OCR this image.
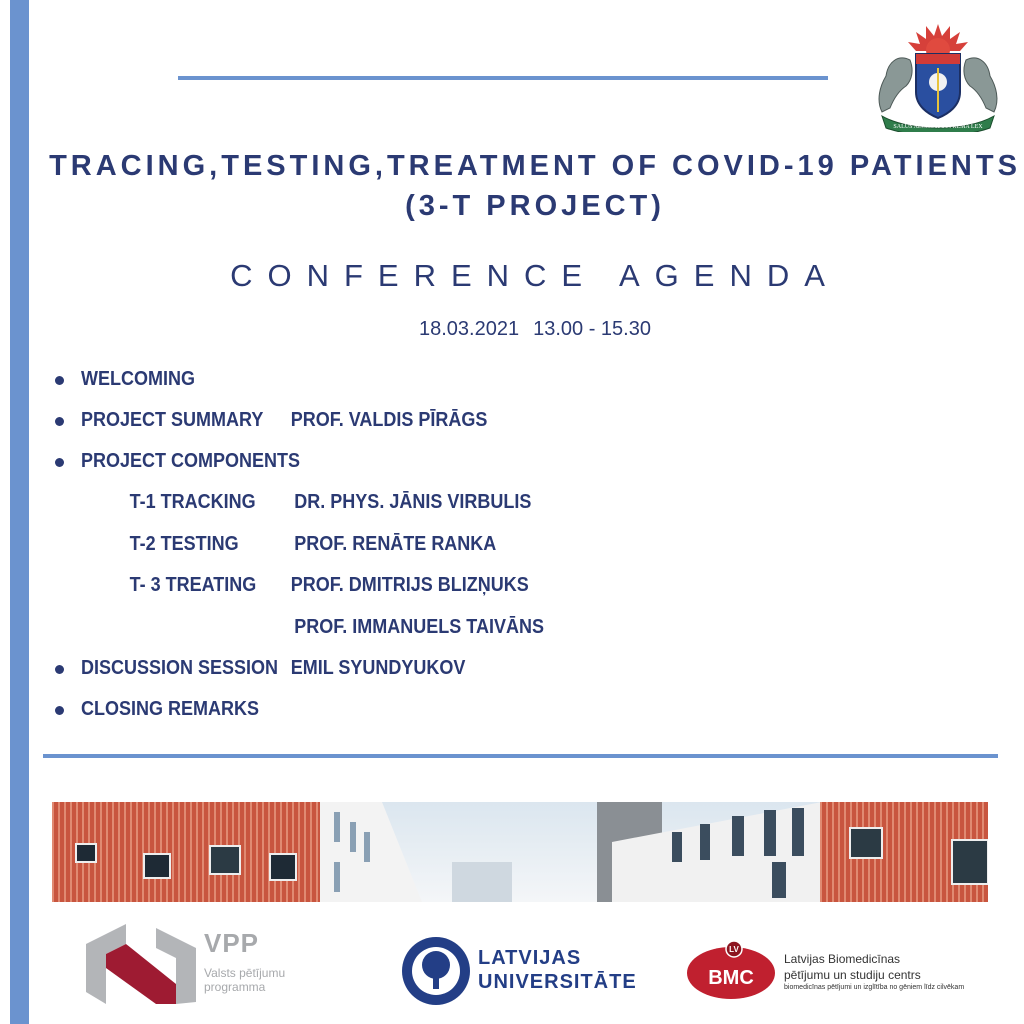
SALUS AEGROTI SUPREMA LEX
TRACING,TESTING,TREATMENT OF COVID-19 PATIENTS
(3-T PROJECT)
CONFERENCE AGENDA
18.03.2021 13.00 - 15.30
WELCOMING
PROJECT SUMMARY PROF. VALDIS PĪRĀGS
PROJECT COMPONENTS
T-1 TRACKING DR. PHYS. JĀNIS VIRBULIS
T-2 TESTING	PROF. RENĀTE RANKA
T- 3 TREATING PROF. DMITRIJS BLIZŅUKS
PROF. IMMANUELS TAIVĀNS
DISCUSSION SESSION EMIL SYUNDYUKOV
CLOSING REMARKS
VPP
Valsts pētījumu
programma
LATVIJAS
UNIVERSITĀTE
LV
BMC
Latvijas Biomedicīnas
pētījumu un studiju centrs
biomedicīnas pētījumi un izglītība no gēniem līdz cilvēkam
